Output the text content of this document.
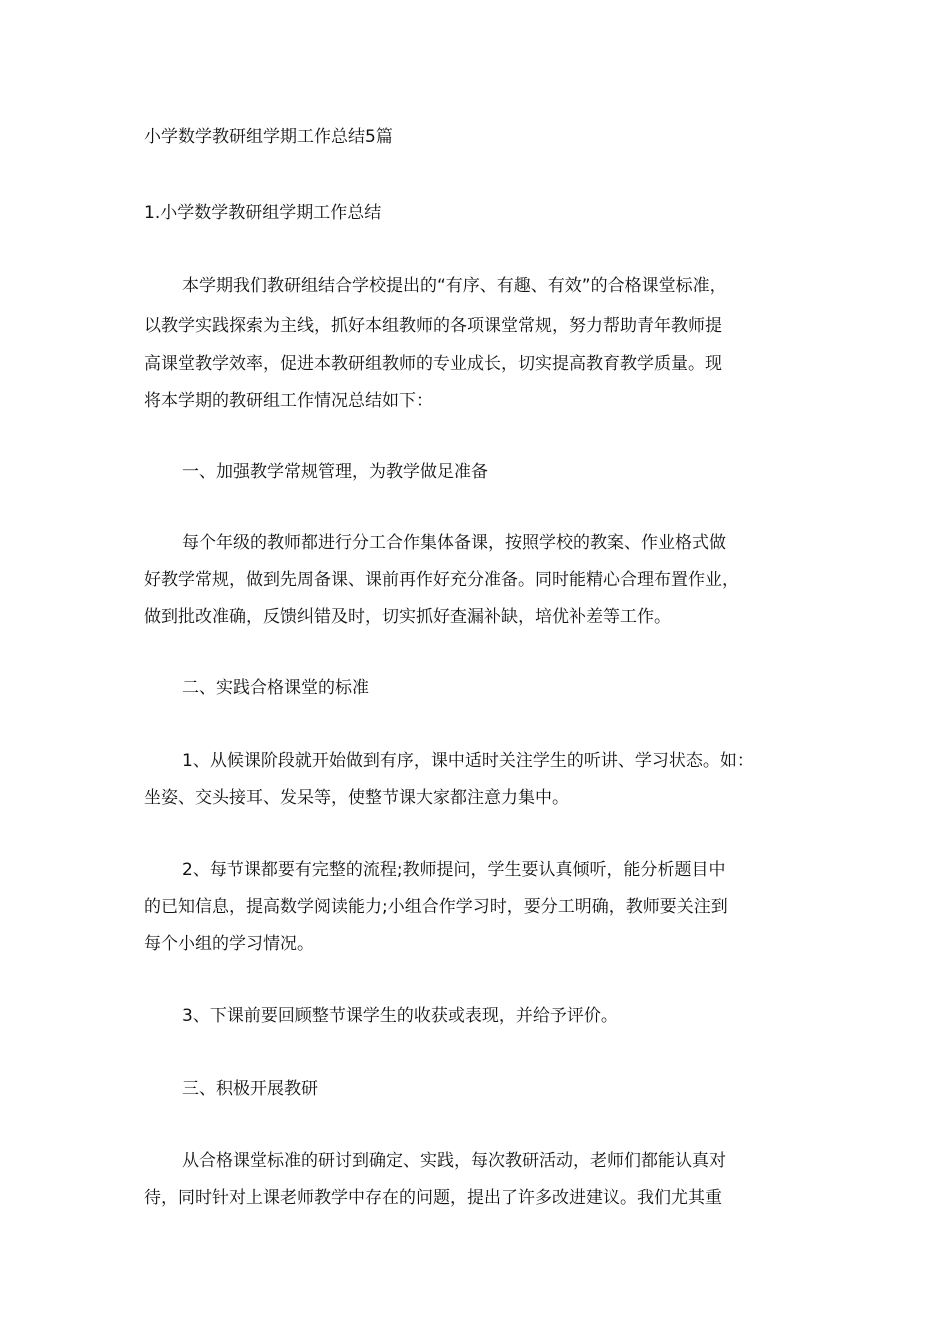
小学数学教研组学期工作总结5篇
1.小学数学教研组学期工作总结
本学期我们教研组结合学校提出的“有序、有趣、有效”的合格课堂标准，
以教学实践探索为主线，抓好本组教师的各项课堂常规，努力帮助青年教师提
高课堂教学效率，促进本教研组教师的专业成长，切实提高教育教学质量。现
将本学期的教研组工作情况总结如下：
一、加强教学常规管理，为教学做足准备
每个年级的教师都进行分工合作集体备课，按照学校的教案、作业格式做
好教学常规，做到先周备课、课前再作好充分准备。同时能精心合理布置作业，
做到批改准确，反馈纠错及时，切实抓好查漏补缺，培优补差等工作。
二、实践合格课堂的标准
1、从候课阶段就开始做到有序，课中适时关注学生的听讲、学习状态。如：
坐姿、交头接耳、发呆等，使整节课大家都注意力集中。
2、每节课都要有完整的流程;教师提问，学生要认真倾听，能分析题目中
的已知信息，提高数学阅读能力;小组合作学习时，要分工明确，教师要关注到
每个小组的学习情况。
3、下课前要回顾整节课学生的收获或表现，并给予评价。
三、积极开展教研
从合格课堂标准的研讨到确定、实践，每次教研活动，老师们都能认真对
待，同时针对上课老师教学中存在的问题，提出了许多改进建议。我们尤其重
